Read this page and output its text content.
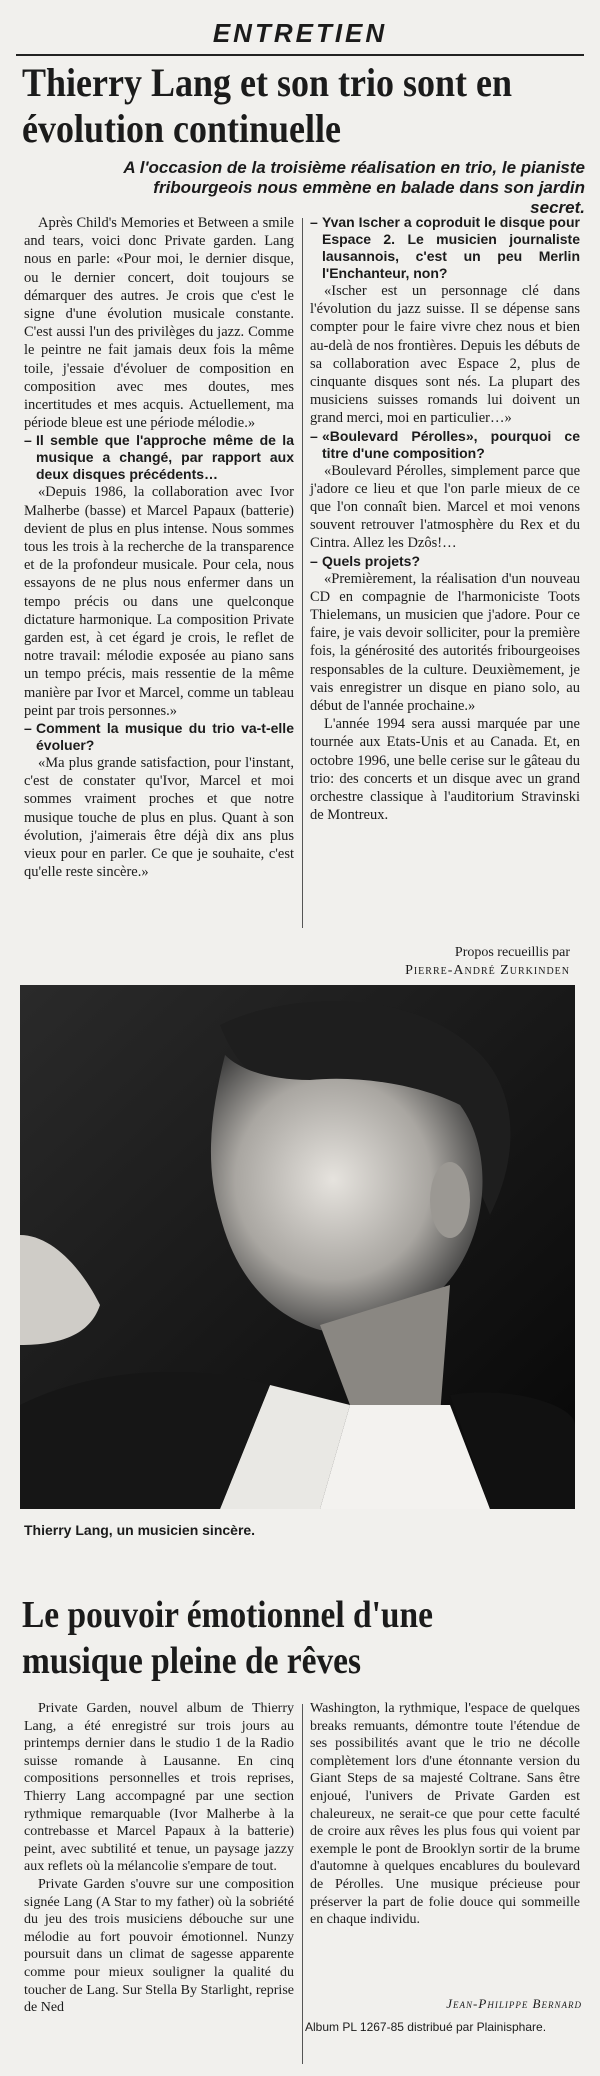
ENTRETIEN
Thierry Lang et son trio sont en évolution continuelle
A l'occasion de la troisième réalisation en trio, le pianiste fribourgeois nous emmène en balade dans son jardin secret.

Après Child's Memories et Between a smile and tears, voici donc Private garden. Lang nous en parle: «Pour moi, le dernier disque, ou le dernier concert, doit toujours se démarquer des autres. Je crois que c'est le signe d'une évolution musicale constante. C'est aussi l'un des privilèges du jazz. Comme le peintre ne fait jamais deux fois la même toile, j'essaie d'évoluer de composition en composition avec mes doutes, mes incertitudes et mes acquis. Actuellement, ma période bleue est une période mélodie.»

– Il semble que l'approche même de la musique a changé, par rapport aux deux disques précédents…

«Depuis 1986, la collaboration avec Ivor Malherbe (basse) et Marcel Papaux (batterie) devient de plus en plus intense. Nous sommes tous les trois à la recherche de la transparence et de la profondeur musicale. Pour cela, nous essayons de ne plus nous enfermer dans un tempo précis ou dans une quelconque dictature harmonique. La composition Private garden est, à cet égard je crois, le reflet de notre travail: mélodie exposée au piano sans un tempo précis, mais ressentie de la même manière par Ivor et Marcel, comme un tableau peint par trois personnes.»

– Comment la musique du trio va-t-elle évoluer?

«Ma plus grande satisfaction, pour l'instant, c'est de constater qu'Ivor, Marcel et moi sommes vraiment proches et que notre musique touche de plus en plus. Quant à son évolution, j'aimerais être déjà dix ans plus vieux pour en parler. Ce que je souhaite, c'est qu'elle reste sincère.»

– Yvan Ischer a coproduit le disque pour Espace 2. Le musicien journaliste lausannois, c'est un peu Merlin l'Enchanteur, non?

«Ischer est un personnage clé dans l'évolution du jazz suisse. Il se dépense sans compter pour le faire vivre chez nous et bien au-delà de nos frontières. Depuis les débuts de sa collaboration avec Espace 2, plus de cinquante disques sont nés. La plupart des musiciens suisses romands lui doivent un grand merci, moi en particulier…»

– «Boulevard Pérolles», pourquoi ce titre d'une composition?

«Boulevard Pérolles, simplement parce que j'adore ce lieu et que l'on parle mieux de ce que l'on connaît bien. Marcel et moi venons souvent retrouver l'atmosphère du Rex et du Cintra. Allez les Dzôs!…

– Quels projets?

«Premièrement, la réalisation d'un nouveau CD en compagnie de l'harmoniciste Toots Thielemans, un musicien que j'adore. Pour ce faire, je vais devoir solliciter, pour la première fois, la générosité des autorités fribourgeoises responsables de la culture. Deuxièmement, je vais enregistrer un disque en piano solo, au début de l'année prochaine.»

L'année 1994 sera aussi marquée par une tournée aux Etats-Unis et au Canada. Et, en octobre 1996, une belle cerise sur le gâteau du trio: des concerts et un disque avec un grand orchestre classique à l'auditorium Stravinski de Montreux.

Propos recueillis par
Pierre-André Zurkinden
Thierry Lang, un musicien sincère.
Le pouvoir émotionnel d'une musique pleine de rêves

Private Garden, nouvel album de Thierry Lang, a été enregistré sur trois jours au printemps dernier dans le studio 1 de la Radio suisse romande à Lausanne. En cinq compositions personnelles et trois reprises, Thierry Lang accompagné par une section rythmique remarquable (Ivor Malherbe à la contrebasse et Marcel Papaux à la batterie) peint, avec subtilité et tenue, un paysage jazzy aux reflets où la mélancolie s'empare de tout.

Private Garden s'ouvre sur une composition signée Lang (A Star to my father) où la sobriété du jeu des trois musiciens débouche sur une mélodie au fort pouvoir émotionnel. Nunzy poursuit dans un climat de sagesse apparente comme pour mieux souligner la qualité du toucher de Lang. Sur Stella By Starlight, reprise de Ned

Washington, la rythmique, l'espace de quelques breaks remuants, démontre toute l'étendue de ses possibilités avant que le trio ne décolle complètement lors d'une étonnante version du Giant Steps de sa majesté Coltrane. Sans être enjoué, l'univers de Private Garden est chaleureux, ne serait-ce que pour cette faculté de croire aux rêves les plus fous qui voient par exemple le pont de Brooklyn sortir de la brume d'automne à quelques encablures du boulevard de Pérolles. Une musique précieuse pour préserver la part de folie douce qui sommeille en chaque individu.

Jean-Philippe Bernard
Album PL 1267-85 distribué par Plainisphare.
